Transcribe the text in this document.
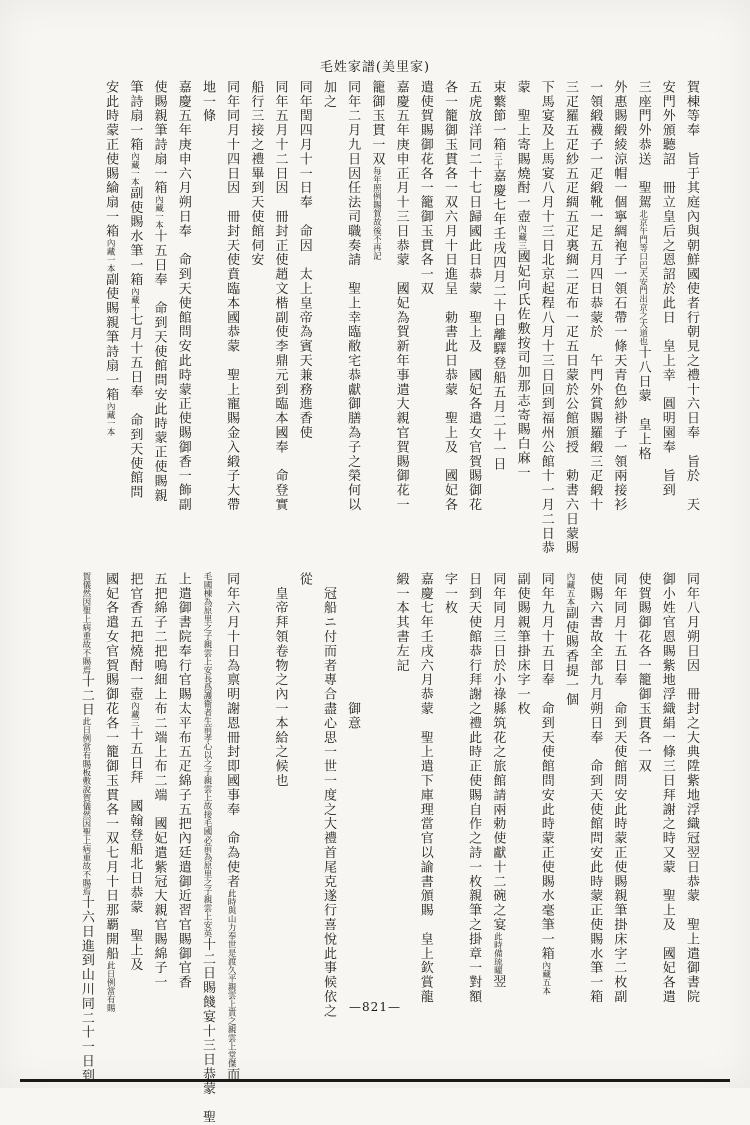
毛姓家譜(美里家)
賀棟等奉　旨于其庭內與朝鮮國使者行朝見之禮十六日奉　旨於　天
安門外頒聽詔　冊立皇后之恩詔於此日　皇上幸　圓明園奉　旨到
三座門外恭送　聖駕北京午門等口巴天安門出京之大道也十八日蒙　皇上格
外惠賜緞綾涼帽一個寧綢袍子一領石帶一條天青色紗褂子一領兩接衫
一領緞襪子一疋緞靴一足五月四日恭蒙於　午門外賞賜羅緞三疋緞十
三疋羅五疋紗五疋綢五疋裏綢二疋布一疋五日蒙於公館頒授　勅書六日蒙賜
下馬宴及上馬宴八月十三日北京起程八月十三日回到福州公館十一月二日恭
蒙　聖上寄賜燒酎一壺內藏三國妃向氏佐敷按司加那志寄賜白麻一
束蘩節一箱三十嘉慶七年壬戌四月二十日離驛登船五月二十一日
五虎放洋同二十七日歸國此日恭蒙　聖上及　國妃各遣女官賀賜御花
各一籠御玉貫各一双六月十日進呈　勅書此日恭蒙　聖上及　國妃各
遣使賀賜御花各一籠御玉貫各一双
嘉慶五年庚申正月十三日恭蒙　國妃為賀新年事遣大親官賀賜御花一
籠御玉貫一双每年照例賜賀故後不再記
同年二月九日因任法司職奏請　聖上幸臨敝宅恭獻御膳為子之榮何以
加之
同年閏四月十一日奉　命因　太上皇帝為賓天兼務進香使
同年五月十二日因　冊封正使趙文楷副使李鼎元到臨本國奉　命登實
船行三接之禮畢到天使館伺安
同年同月十四日因　冊封天使賁臨本國恭蒙　聖上寵賜金入緞子大帶
地一條
嘉慶五年庚申六月朔日奉　命到天使館問安此時蒙正使賜御香一飾副
使賜親筆詩扇一箱內藏一本十五日奉　命到天使館問安此時蒙正使賜親
筆詩扇一箱內藏一本副使賜水筆一箱內藏十七月十五日奉　命到天使館問
安此時蒙正使賜綸扇一箱內藏一本副使賜親筆詩扇一箱內藏一本
同年八月朔日因　冊封之大典陞紫地浮織冠翌日恭蒙　聖上遣御書院
御小姓官恩賜紫地浮織絹一條三日拜謝之時又蒙　聖上及　國妃各遣
使賀賜御花各一籠御玉貫各一双
同年同月十五日奉　命到天使館問安此時蒙正使賜親筆掛床字二枚副
使賜六書故全部九月朔日奉　命到天使館問安此時蒙正使賜水筆一箱
內藏五本副使賜香提一個
同年九月十五日奉　命到天使館問安此時蒙正使賜水毫筆一箱內藏五本
副使賜親筆掛床字一枚
同年同月三日於小祿縣筑花之旅館請兩勅使獻十二碗之宴此時備琉曜翌
日到天使館恭行拜謝之禮此時正使賜自作之詩一枚親筆之掛章一對額
字一枚
嘉慶七年壬戌六月恭蒙　聖上遣下庫理當官以諭書頒賜　皇上欽賞龍
緞一本其書左記

　　　　　　　　　御意
　冠船ニ付而者專合盡心思一世一度之大禮首尾克遂行喜悅此事候依之
從　　　　　　　　　　　　　　　　　　　　　　　　　　　　　　　　　
　皇帝拜領卷物之內一本給之候也

同年六月十日為禀明謝恩冊封即國事奉　命為使者此時與山力奉世是渡久平親雲上貴之親雲上堂傑而
毛國棟為原里之子親雲上安長爲護衛者生前孝心以之子親雲上故接毛國必前為原里之子親雲上安英十二日賜餞宴十三日恭蒙　聖
上遣御書院奉行官賜太平布五疋綿子五把內廷遣御近習官賜御官香
五把綿子二把鳴細上布二端上布二端　國妃遣紫冠大親官賜綿子一
把官香五把燒酎一壺內藏三十五日拜　國翰登船北日恭蒙　聖上及
國妃各遣女官賀賜御花各一籠御玉貫各一双七月十日那覇開船此日例當有賜
賀儀然因聖上病重故不賜焉十二日此日例當有賜板敷說賀儀然因聖上病重故不賜焉十六日進到山川同二十一日到	—821—
